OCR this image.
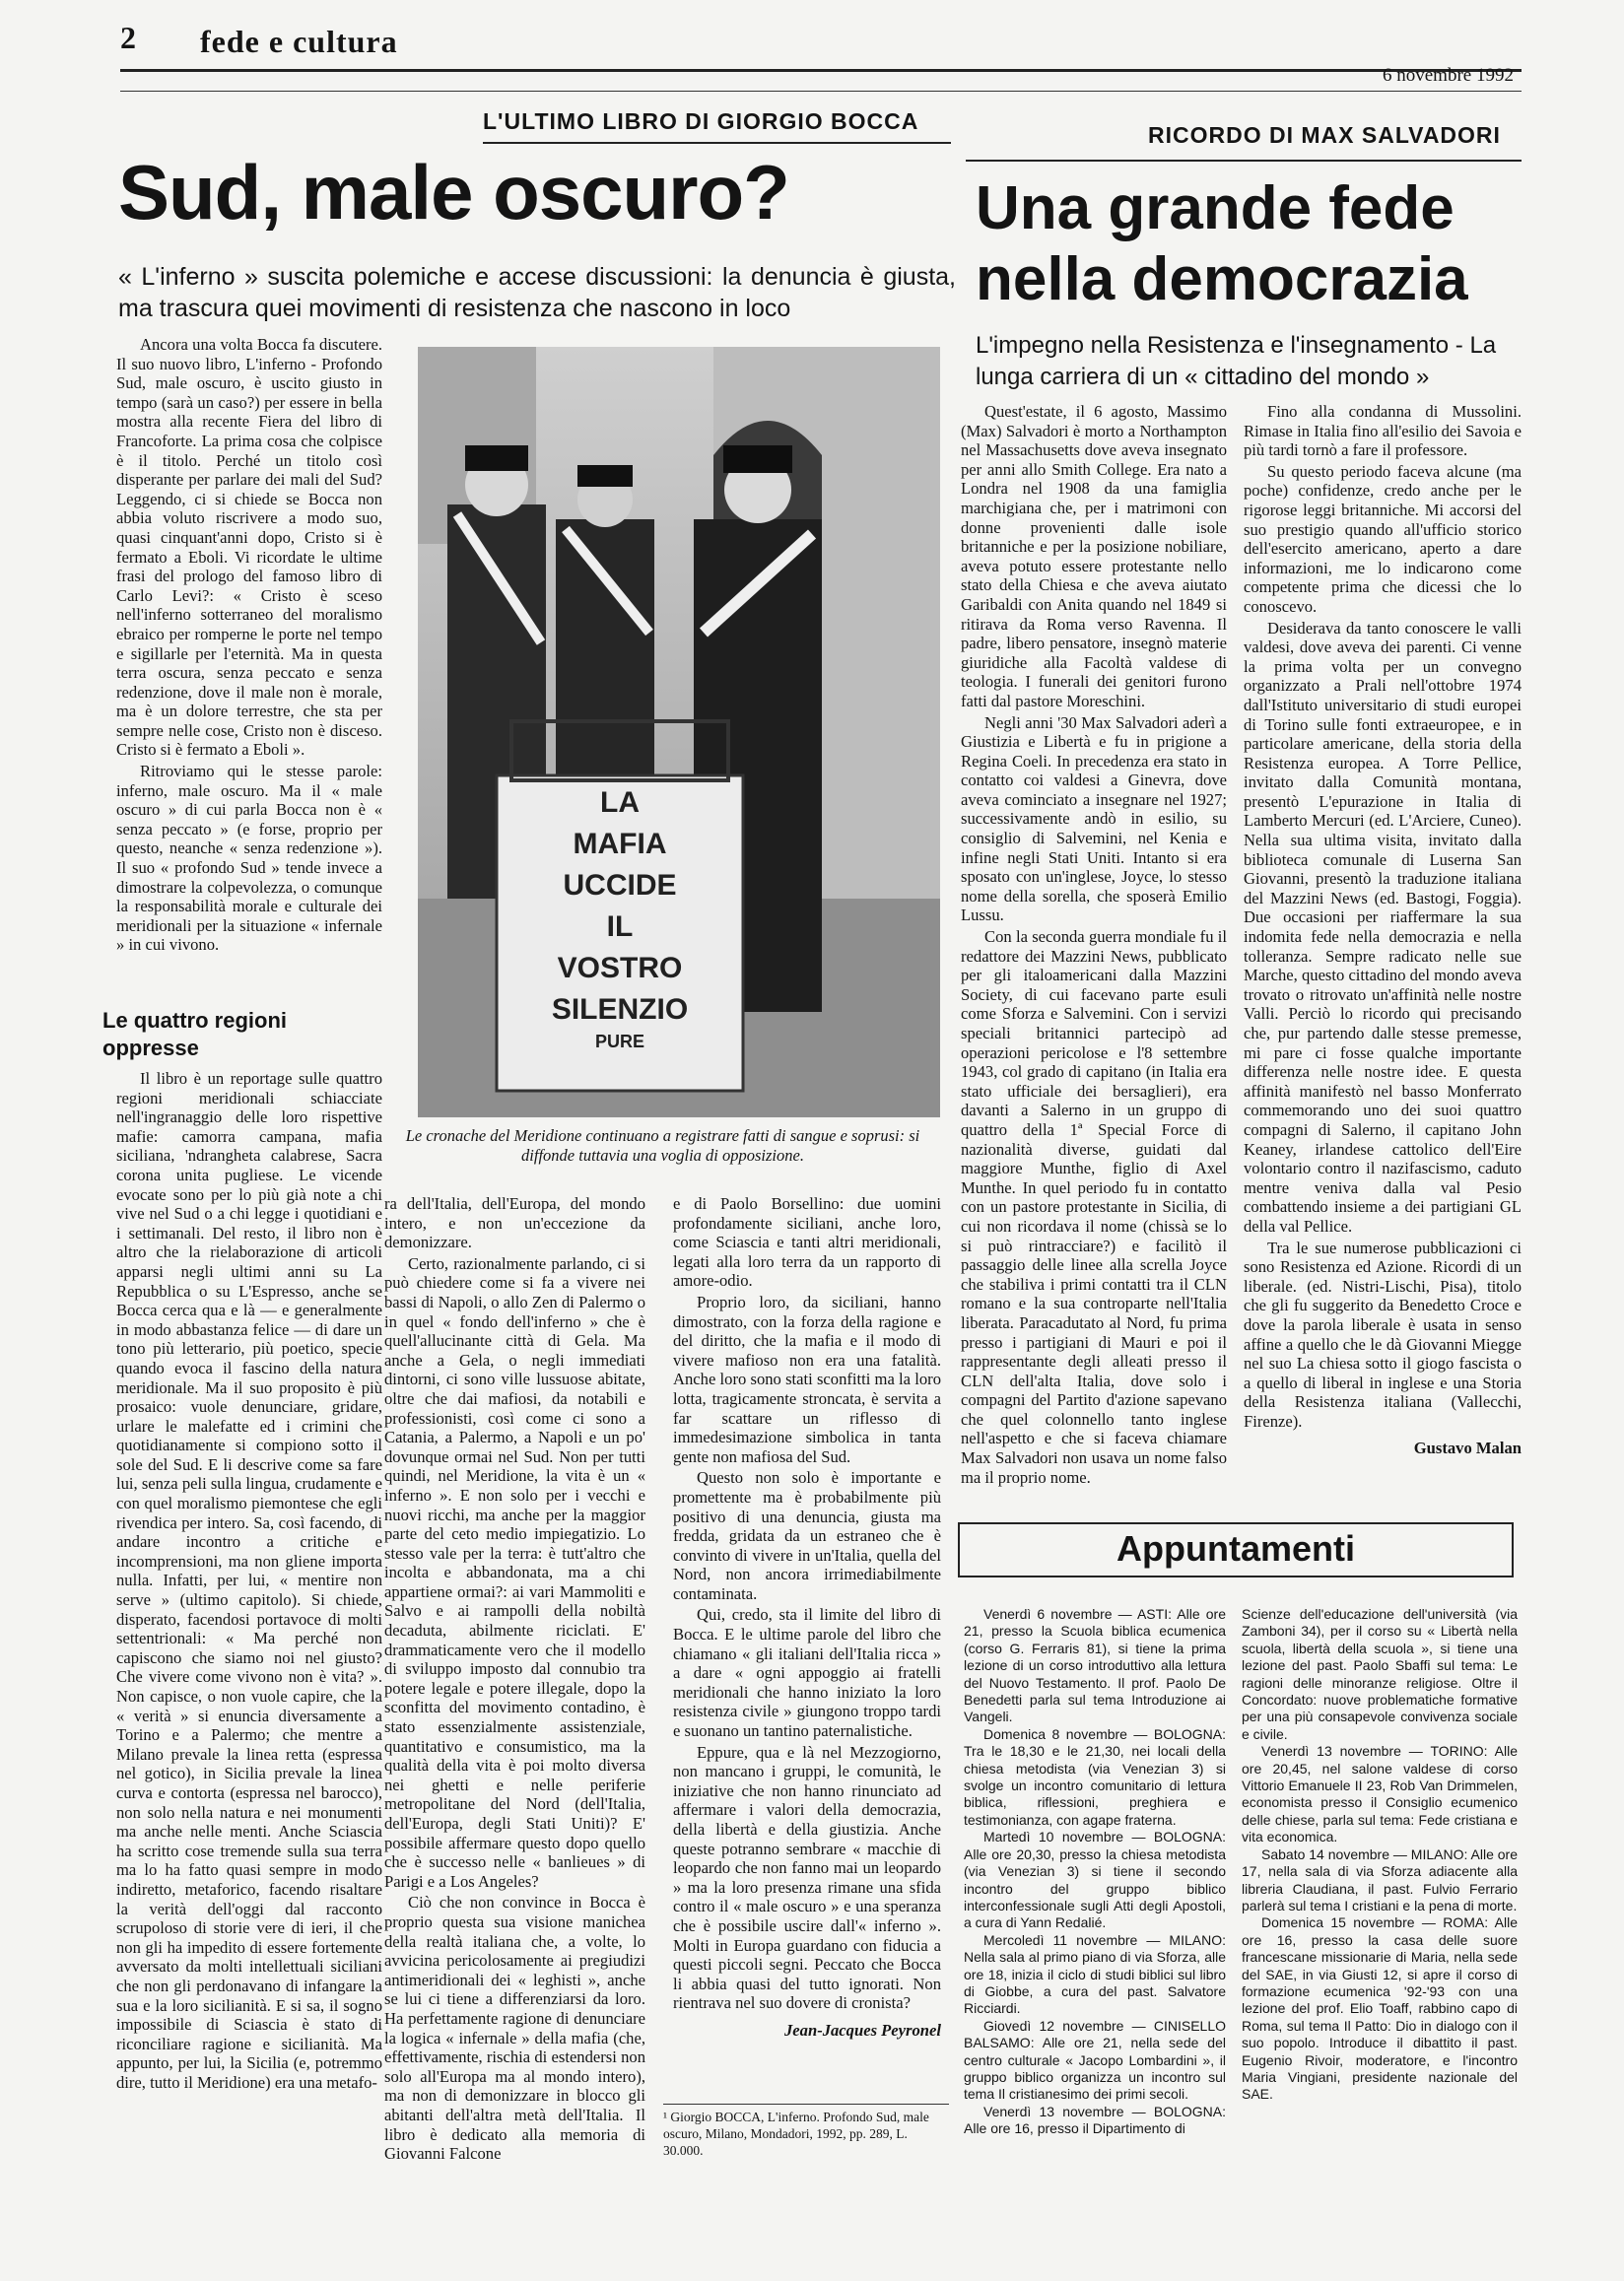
2 fede e cultura
6 novembre 1992
L'ULTIMO LIBRO DI GIORGIO BOCCA
Sud, male oscuro?
« L'inferno » suscita polemiche e accese discussioni: la denuncia è giusta, ma trascura quei movimenti di resistenza che nascono in loco
RICORDO DI MAX SALVADORI
Una grande fede
nella democrazia
L'impegno nella Resistenza e l'insegnamento - La lunga carriera di un « cittadino del mondo »

Ancora una volta Bocca fa discutere. Il suo nuovo libro, L'inferno - Profondo Sud, male oscuro, è uscito giusto in tempo (sarà un caso?) per essere in bella mostra alla recente Fiera del libro di Francoforte. La prima cosa che colpisce è il titolo. Perché un titolo così disperante per parlare dei mali del Sud? Leggendo, ci si chiede se Bocca non abbia voluto riscrivere a modo suo, quasi cinquant'anni dopo, Cristo si è fermato a Eboli. Vi ricordate le ultime frasi del prologo del famoso libro di Carlo Levi?: « Cristo è sceso nell'inferno sotterraneo del moralismo ebraico per romperne le porte nel tempo e sigillarle per l'eternità. Ma in questa terra oscura, senza peccato e senza redenzione, dove il male non è morale, ma è un dolore terrestre, che sta per sempre nelle cose, Cristo non è disceso. Cristo si è fermato a Eboli ».

Ritroviamo qui le stesse parole: inferno, male oscuro. Ma il « male oscuro » di cui parla Bocca non è « senza peccato » (e forse, proprio per questo, neanche « senza redenzione »). Il suo « profondo Sud » tende invece a dimostrare la colpevolezza, o comunque la responsabilità morale e culturale dei meridionali per la situazione « infernale » in cui vivono.

Le quattro regioni oppresse

Il libro è un reportage sulle quattro regioni meridionali schiacciate nell'ingranaggio delle loro rispettive mafie: camorra campana, mafia siciliana, 'ndrangheta calabrese, Sacra corona unita pugliese. Le vicende evocate sono per lo più già note a chi vive nel Sud o a chi legge i quotidiani e i settimanali. Del resto, il libro non è altro che la rielaborazione di articoli apparsi negli ultimi anni su La Repubblica o su L'Espresso, anche se Bocca cerca qua e là — e generalmente in modo abbastanza felice — di dare un tono più letterario, più poetico, specie quando evoca il fascino della natura meridionale. Ma il suo proposito è più prosaico: vuole denunciare, gridare, urlare le malefatte ed i crimini che quotidianamente si compiono sotto il sole del Sud. E li descrive come sa fare lui, senza peli sulla lingua, crudamente e con quel moralismo piemontese che egli rivendica per intero. Sa, così facendo, di andare incontro a critiche e incomprensioni, ma non gliene importa nulla. Infatti, per lui, « mentire non serve » (ultimo capitolo). Si chiede, disperato, facendosi portavoce di molti settentrionali: « Ma perché non capiscono che siamo noi nel giusto? Che vivere come vivono non è vita? ». Non capisce, o non vuole capire, che la « verità » si enuncia diversamente a Torino e a Palermo; che mentre a Milano prevale la linea retta (espressa nel gotico), in Sicilia prevale la linea curva e contorta (espressa nel barocco), non solo nella natura e nei monumenti ma anche nelle menti. Anche Sciascia ha scritto cose tremende sulla sua terra ma lo ha fatto quasi sempre in modo indiretto, metaforico, facendo risaltare la verità dell'oggi dal racconto scrupoloso di storie vere di ieri, il che non gli ha impedito di essere fortemente avversato da molti intellettuali siciliani che non gli perdonavano di infangare la sua e la loro sicilianità. E si sa, il sogno impossibile di Sciascia è stato di riconciliare ragione e sicilianità. Ma appunto, per lui, la Sicilia (e, potremmo dire, tutto il Meridione) era una metafo-

LA
MAFIA
UCCIDE
IL
VOSTRO
SILENZIO
PURE
Le cronache del Meridione continuano a registrare fatti di sangue e soprusi: si diffonde tuttavia una voglia di opposizione.

ra dell'Italia, dell'Europa, del mondo intero, e non un'eccezione da demonizzare.

Certo, razionalmente parlando, ci si può chiedere come si fa a vivere nei bassi di Napoli, o allo Zen di Palermo o in quel « fondo dell'inferno » che è quell'allucinante città di Gela. Ma anche a Gela, o negli immediati dintorni, ci sono ville lussuose abitate, oltre che dai mafiosi, da notabili e professionisti, così come ci sono a Catania, a Palermo, a Napoli e un po' dovunque ormai nel Sud. Non per tutti quindi, nel Meridione, la vita è un « inferno ». E non solo per i vecchi e nuovi ricchi, ma anche per la maggior parte del ceto medio impiegatizio. Lo stesso vale per la terra: è tutt'altro che incolta e abbandonata, ma a chi appartiene ormai?: ai vari Mammoliti e Salvo e ai rampolli della nobiltà decaduta, abilmente riciclati. E' drammaticamente vero che il modello di sviluppo imposto dal connubio tra potere legale e potere illegale, dopo la sconfitta del movimento contadino, è stato essenzialmente assistenziale, quantitativo e consumistico, ma la qualità della vita è poi molto diversa nei ghetti e nelle periferie metropolitane del Nord (dell'Italia, dell'Europa, degli Stati Uniti)? E' possibile affermare questo dopo quello che è successo nelle « banlieues » di Parigi e a Los Angeles?

Ciò che non convince in Bocca è proprio questa sua visione manichea della realtà italiana che, a volte, lo avvicina pericolosamente ai pregiudizi antimeridionali dei « leghisti », anche se lui ci tiene a differenziarsi da loro. Ha perfettamente ragione di denunciare la logica « infernale » della mafia (che, effettivamente, rischia di estendersi non solo all'Europa ma al mondo intero), ma non di demonizzare in blocco gli abitanti dell'altra metà dell'Italia. Il libro è dedicato alla memoria di Giovanni Falcone

e di Paolo Borsellino: due uomini profondamente siciliani, anche loro, come Sciascia e tanti altri meridionali, legati alla loro terra da un rapporto di amore-odio.

Proprio loro, da siciliani, hanno dimostrato, con la forza della ragione e del diritto, che la mafia e il modo di vivere mafioso non era una fatalità. Anche loro sono stati sconfitti ma la loro lotta, tragicamente stroncata, è servita a far scattare un riflesso di immedesimazione simbolica in tanta gente non mafiosa del Sud.

Questo non solo è importante e promettente ma è probabilmente più positivo di una denuncia, giusta ma fredda, gridata da un estraneo che è convinto di vivere in un'Italia, quella del Nord, non ancora irrimediabilmente contaminata.

Qui, credo, sta il limite del libro di Bocca. E le ultime parole del libro che chiamano « gli italiani dell'Italia ricca » a dare « ogni appoggio ai fratelli meridionali che hanno iniziato la loro resistenza civile » giungono troppo tardi e suonano un tantino paternalistiche.

Eppure, qua e là nel Mezzogiorno, non mancano i gruppi, le comunità, le iniziative che non hanno rinunciato ad affermare i valori della democrazia, della libertà e della giustizia. Anche queste potranno sembrare « macchie di leopardo che non fanno mai un leopardo » ma la loro presenza rimane una sfida contro il « male oscuro » e una speranza che è possibile uscire dall'« inferno ». Molti in Europa guardano con fiducia a questi piccoli segni. Peccato che Bocca li abbia quasi del tutto ignorati. Non rientrava nel suo dovere di cronista?

Jean-Jacques Peyronel

¹ Giorgio BOCCA, L'inferno. Profondo Sud, male oscuro, Milano, Mondadori, 1992, pp. 289, L. 30.000.

Quest'estate, il 6 agosto, Massimo (Max) Salvadori è morto a Northampton nel Massachusetts dove aveva insegnato per anni allo Smith College. Era nato a Londra nel 1908 da una famiglia marchigiana che, per i matrimoni con donne provenienti dalle isole britanniche e per la posizione nobiliare, aveva potuto essere protestante nello stato della Chiesa e che aveva aiutato Garibaldi con Anita quando nel 1849 si ritirava da Roma verso Ravenna. Il padre, libero pensatore, insegnò materie giuridiche alla Facoltà valdese di teologia. I funerali dei genitori furono fatti dal pastore Moreschini.

Negli anni '30 Max Salvadori aderì a Giustizia e Libertà e fu in prigione a Regina Coeli. In precedenza era stato in contatto coi valdesi a Ginevra, dove aveva cominciato a insegnare nel 1927; successivamente andò in esilio, su consiglio di Salvemini, nel Kenia e infine negli Stati Uniti. Intanto si era sposato con un'inglese, Joyce, lo stesso nome della sorella, che sposerà Emilio Lussu.

Con la seconda guerra mondiale fu il redattore dei Mazzini News, pubblicato per gli italoamericani dalla Mazzini Society, di cui facevano parte esuli come Sforza e Salvemini. Con i servizi speciali britannici partecipò ad operazioni pericolose e l'8 settembre 1943, col grado di capitano (in Italia era stato ufficiale dei bersaglieri), era davanti a Salerno in un gruppo di quattro della 1ª Special Force di nazionalità diverse, guidati dal maggiore Munthe, figlio di Axel Munthe. In quel periodo fu in contatto con un pastore protestante in Sicilia, di cui non ricordava il nome (chissà se lo si può rintracciare?) e facilitò il passaggio delle linee alla scrella Joyce che stabiliva i primi contatti tra il CLN romano e la sua controparte nell'Italia liberata. Paracadutato al Nord, fu prima presso i partigiani di Mauri e poi il rappresentante degli alleati presso il CLN dell'alta Italia, dove solo i compagni del Partito d'azione sapevano che quel colonnello tanto inglese nell'aspetto e che si faceva chiamare Max Salvadori non usava un nome falso ma il proprio nome.

Fino alla condanna di Mussolini. Rimase in Italia fino all'esilio dei Savoia e più tardi tornò a fare il professore.

Su questo periodo faceva alcune (ma poche) confidenze, credo anche per le rigorose leggi britanniche. Mi accorsi del suo prestigio quando all'ufficio storico dell'esercito americano, aperto a dare informazioni, me lo indicarono come competente prima che dicessi che lo conoscevo.

Desiderava da tanto conoscere le valli valdesi, dove aveva dei parenti. Ci venne la prima volta per un convegno organizzato a Prali nell'ottobre 1974 dall'Istituto universitario di studi europei di Torino sulle fonti extraeuropee, e in particolare americane, della storia della Resistenza europea. A Torre Pellice, invitato dalla Comunità montana, presentò L'epurazione in Italia di Lamberto Mercuri (ed. L'Arciere, Cuneo). Nella sua ultima visita, invitato dalla biblioteca comunale di Luserna San Giovanni, presentò la traduzione italiana del Mazzini News (ed. Bastogi, Foggia). Due occasioni per riaffermare la sua indomita fede nella democrazia e nella tolleranza. Sempre radicato nelle sue Marche, questo cittadino del mondo aveva trovato o ritrovato un'affinità nelle nostre Valli. Perciò lo ricordo qui precisando che, pur partendo dalle stesse premesse, mi pare ci fosse qualche importante differenza nelle nostre idee. E questa affinità manifestò nel basso Monferrato commemorando uno dei suoi quattro compagni di Salerno, il capitano John Keaney, irlandese cattolico dell'Eire volontario contro il nazifascismo, caduto mentre veniva dalla val Pesio combattendo insieme a dei partigiani GL della val Pellice.

Tra le sue numerose pubblicazioni ci sono Resistenza ed Azione. Ricordi di un liberale. (ed. Nistri-Lischi, Pisa), titolo che gli fu suggerito da Benedetto Croce e dove la parola liberale è usata in senso affine a quello che le dà Giovanni Miegge nel suo La chiesa sotto il giogo fascista o a quello di liberal in inglese e una Storia della Resistenza italiana (Vallecchi, Firenze).

Gustavo Malan

Appuntamenti

Venerdì 6 novembre — ASTI: Alle ore 21, presso la Scuola biblica ecumenica (corso G. Ferraris 81), si tiene la prima lezione di un corso introduttivo alla lettura del Nuovo Testamento. Il prof. Paolo De Benedetti parla sul tema Introduzione ai Vangeli.

Domenica 8 novembre — BOLOGNA: Tra le 18,30 e le 21,30, nei locali della chiesa metodista (via Venezian 3) si svolge un incontro comunitario di lettura biblica, riflessioni, preghiera e testimonianza, con agape fraterna.

Martedì 10 novembre — BOLOGNA: Alle ore 20,30, presso la chiesa metodista (via Venezian 3) si tiene il secondo incontro del gruppo biblico interconfessionale sugli Atti degli Apostoli, a cura di Yann Redalié.

Mercoledì 11 novembre — MILANO: Nella sala al primo piano di via Sforza, alle ore 18, inizia il ciclo di studi biblici sul libro di Giobbe, a cura del past. Salvatore Ricciardi.

Giovedì 12 novembre — CINISELLO BALSAMO: Alle ore 21, nella sede del centro culturale « Jacopo Lombardini », il gruppo biblico organizza un incontro sul tema Il cristianesimo dei primi secoli.

Venerdì 13 novembre — BOLOGNA: Alle ore 16, presso il Dipartimento di

Scienze dell'educazione dell'università (via Zamboni 34), per il corso su « Libertà nella scuola, libertà della scuola », si tiene una lezione del past. Paolo Sbaffi sul tema: Le ragioni delle minoranze religiose. Oltre il Concordato: nuove problematiche formative per una più consapevole convivenza sociale e civile.

Venerdì 13 novembre — TORINO: Alle ore 20,45, nel salone valdese di corso Vittorio Emanuele II 23, Rob Van Drimmelen, economista presso il Consiglio ecumenico delle chiese, parla sul tema: Fede cristiana e vita economica.

Sabato 14 novembre — MILANO: Alle ore 17, nella sala di via Sforza adiacente alla libreria Claudiana, il past. Fulvio Ferrario parlerà sul tema I cristiani e la pena di morte.

Domenica 15 novembre — ROMA: Alle ore 16, presso la casa delle suore francescane missionarie di Maria, nella sede del SAE, in via Giusti 12, si apre il corso di formazione ecumenica '92-'93 con una lezione del prof. Elio Toaff, rabbino capo di Roma, sul tema Il Patto: Dio in dialogo con il suo popolo. Introduce il dibattito il past. Eugenio Rivoir, moderatore, e l'incontro Maria Vingiani, presidente nazionale del SAE.
